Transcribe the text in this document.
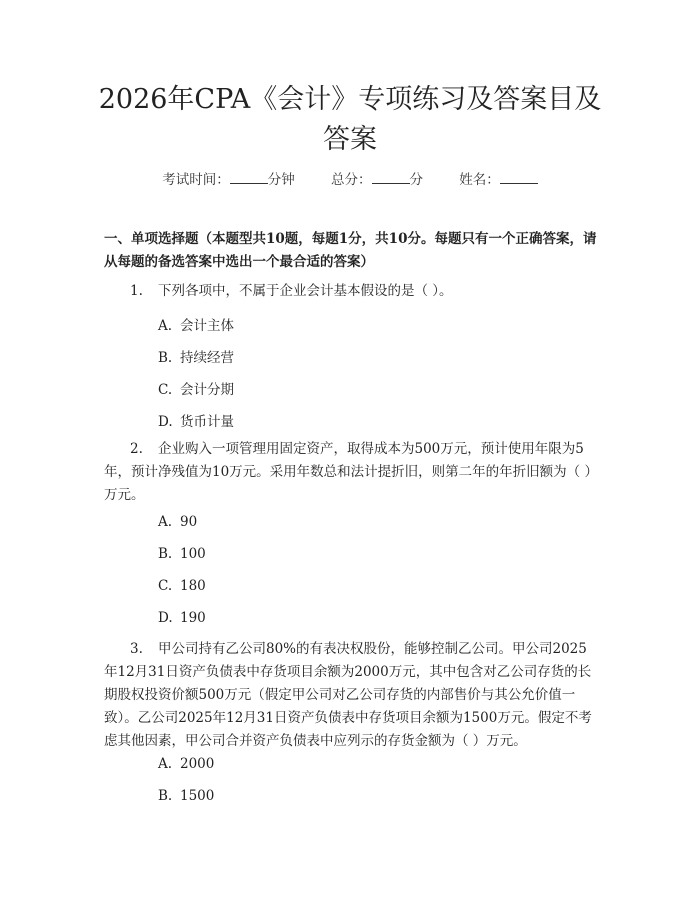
2026年CPA《会计》专项练习及答案目及答案
考试时间：	分钟	总分：	分	姓名：
一、单项选择题（本题型共10题，每题1分，共10分。每题只有一个正确答案，请从每题的备选答案中选出一个最合适的答案）
1. 下列各项中，不属于企业会计基本假设的是（ ）。
A. 会计主体
B. 持续经营
C. 会计分期
D. 货币计量
2. 企业购入一项管理用固定资产，取得成本为500万元，预计使用年限为5年，预计净残值为10万元。采用年数总和法计提折旧，则第二年的年折旧额为（ ）万元。
A. 90
B. 100
C. 180
D. 190
3. 甲公司持有乙公司80%的有表决权股份，能够控制乙公司。甲公司2025年12月31日资产负债表中存货项目余额为2000万元，其中包含对乙公司存货的长期股权投资价额500万元（假定甲公司对乙公司存货的内部售价与其公允价值一致）。乙公司2025年12月31日资产负债表中存货项目余额为1500万元。假定不考虑其他因素，甲公司合并资产负债表中应列示的存货金额为（ ）万元。
A. 2000
B. 1500
